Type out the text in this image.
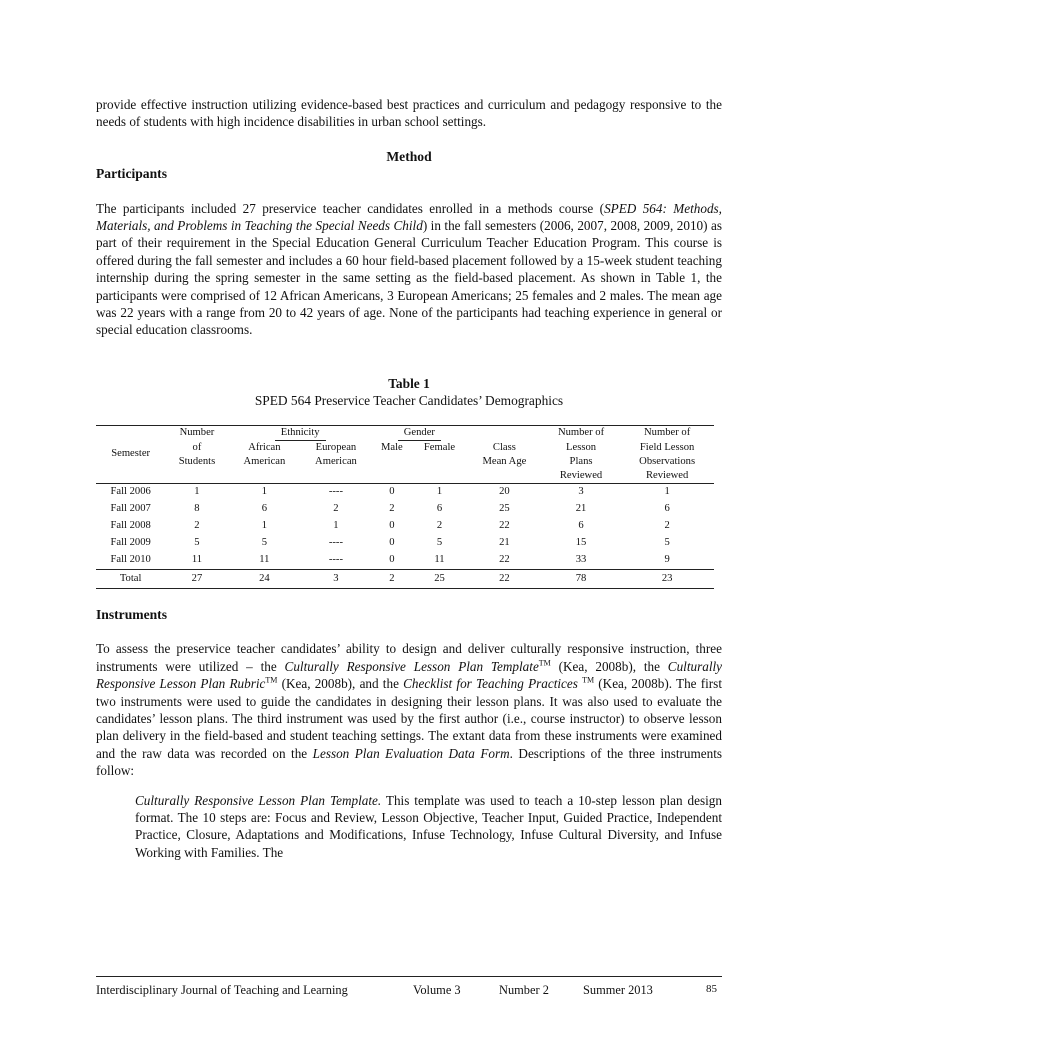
provide effective instruction utilizing evidence-based best practices and curriculum and pedagogy responsive to the needs of students with high incidence disabilities in urban school settings.

Method
Participants

The participants included 27 preservice teacher candidates enrolled in a methods course (SPED 564: Methods, Materials, and Problems in Teaching the Special Needs Child) in the fall semesters (2006, 2007, 2008, 2009, 2010) as part of their requirement in the Special Education General Curriculum Teacher Education Program. This course is offered during the fall semester and includes a 60 hour field-based placement followed by a 15-week student teaching internship during the spring semester in the same setting as the field-based placement. As shown in Table 1, the participants were comprised of 12 African Americans, 3 European Americans; 25 females and 2 males. The mean age was 22 years with a range from 20 to 42 years of age. None of the participants had teaching experience in general or special education classrooms.

Table 1
SPED 564 Preservice Teacher Candidates’ Demographics
Semester	Number	Ethnicity		Gender			Number of	Number of
	of	African	European	Male	Female	Class	Lesson	Field Lesson
	Students	American	American			Mean Age	Plans	Observations
							Reviewed	Reviewed
Fall 2006	1	1	----	0	1	20	3	1
Fall 2007	8	6	2	2	6	25	21	6
Fall 2008	2	1	1	0	2	22	6	2
Fall 2009	5	5	----	0	5	21	15	5
Fall 2010	11	11	----	0	11	22	33	9
Total	27	24	3	2	25	22	78	23
Instruments

To assess the preservice teacher candidates’ ability to design and deliver culturally responsive instruction, three instruments were utilized – the Culturally Responsive Lesson Plan Template™ (Kea, 2008b), the Culturally Responsive Lesson Plan Rubric™ (Kea, 2008b), and the Checklist for Teaching Practices ™ (Kea, 2008b). The first two instruments were used to guide the candidates in designing their lesson plans. It was also used to evaluate the candidates’ lesson plans. The third instrument was used by the first author (i.e., course instructor) to observe lesson plan delivery in the field-based and student teaching settings. The extant data from these instruments were examined and the raw data was recorded on the Lesson Plan Evaluation Data Form. Descriptions of the three instruments follow:

Culturally Responsive Lesson Plan Template. This template was used to teach a 10-step lesson plan design format. The 10 steps are: Focus and Review, Lesson Objective, Teacher Input, Guided Practice, Independent Practice, Closure, Adaptations and Modifications, Infuse Technology, Infuse Cultural Diversity, and Infuse Working with Families. The

Interdisciplinary Journal of Teaching and Learning	Volume 3	Number 2	Summer 2013	85
